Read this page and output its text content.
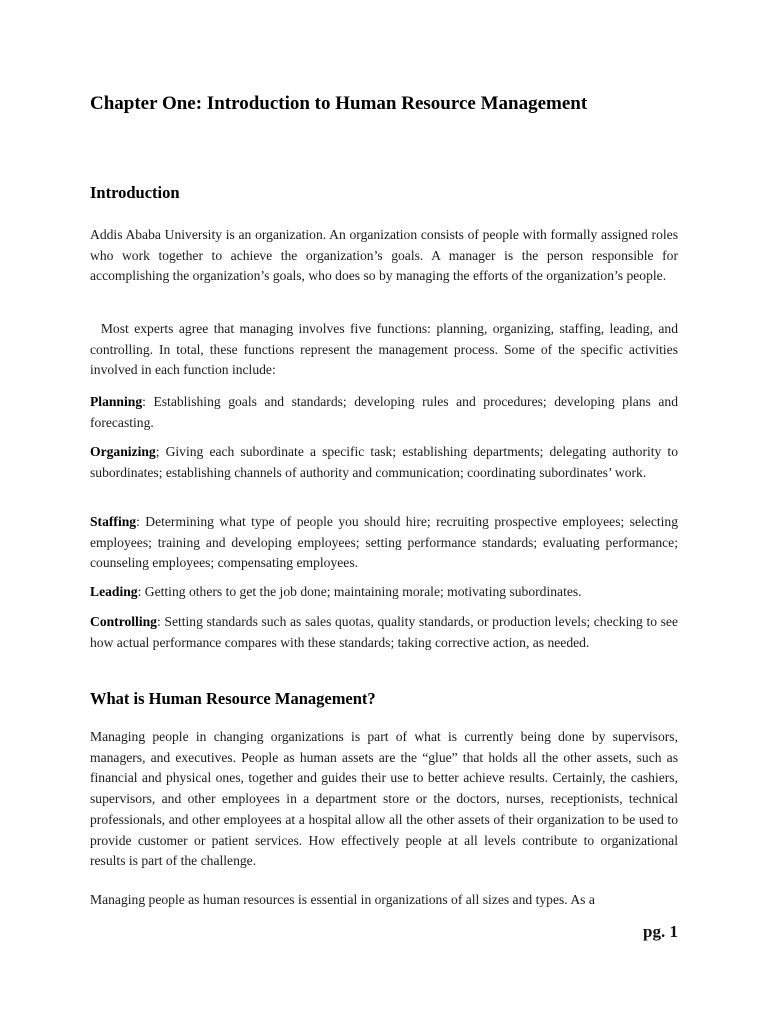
Chapter One: Introduction to Human Resource Management
Introduction

Addis Ababa University is an organization. An organization consists of people with formally assigned roles who work together to achieve the organization’s goals. A manager is the person responsible for accomplishing the organization’s goals, who does so by managing the efforts of the organization’s people.

Most experts agree that managing involves five functions: planning, organizing, staffing, leading, and controlling. In total, these functions represent the management process. Some of the specific activities involved in each function include:

Planning: Establishing goals and standards; developing rules and procedures; developing plans and forecasting.

Organizing; Giving each subordinate a specific task; establishing departments; delegating authority to subordinates; establishing channels of authority and communication; coordinating subordinates’ work.

Staffing: Determining what type of people you should hire; recruiting prospective employees; selecting employees; training and developing employees; setting performance standards; evaluating performance; counseling employees; compensating employees.

Leading: Getting others to get the job done; maintaining morale; motivating subordinates.

Controlling: Setting standards such as sales quotas, quality standards, or production levels; checking to see how actual performance compares with these standards; taking corrective action, as needed.

What is Human Resource Management?

Managing people in changing organizations is part of what is currently being done by supervisors, managers, and executives. People as human assets are the “glue” that holds all the other assets, such as financial and physical ones, together and guides their use to better achieve results. Certainly, the cashiers, supervisors, and other employees in a department store or the doctors, nurses, receptionists, technical professionals, and other employees at a hospital allow all the other assets of their organization to be used to provide customer or patient services. How effectively people at all levels contribute to organizational results is part of the challenge.

Managing people as human resources is essential in organizations of all sizes and types. As a

pg. 1
